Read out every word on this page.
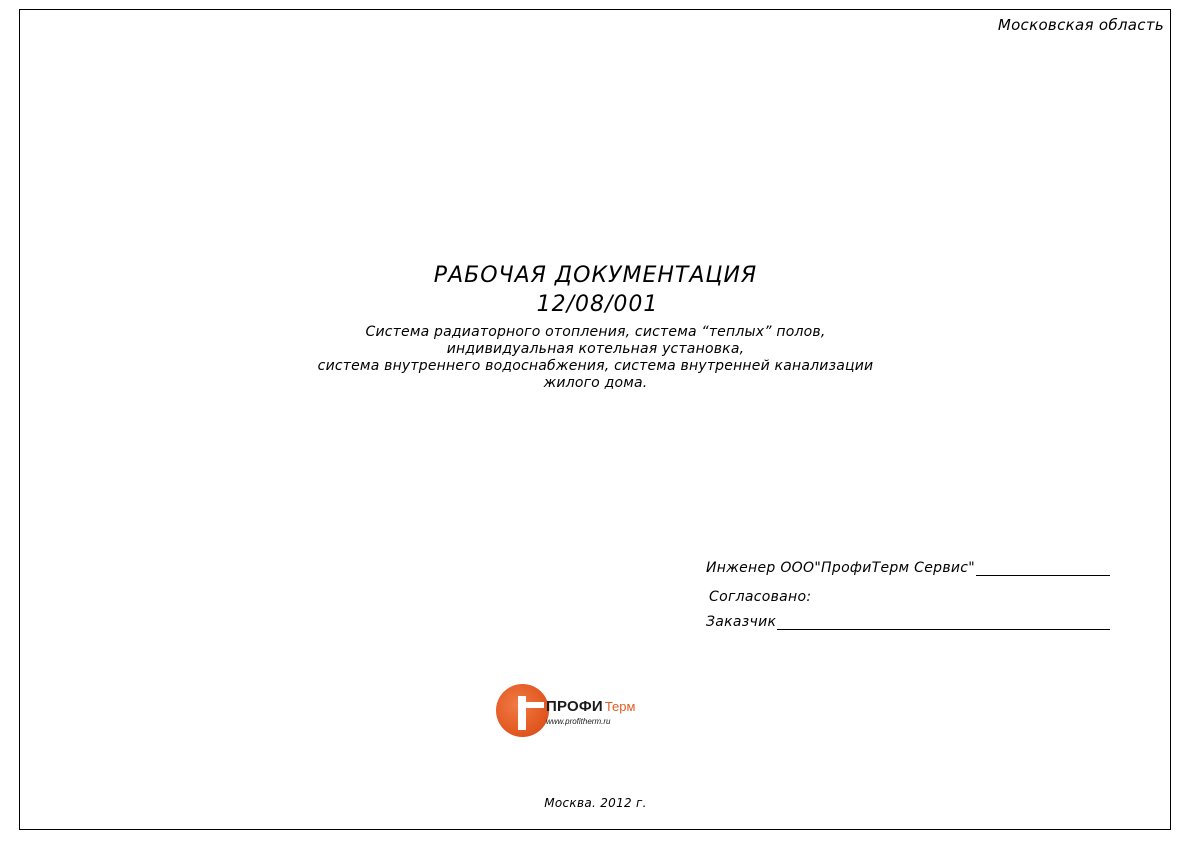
Московская область
РАБОЧАЯ ДОКУМЕНТАЦИЯ
12/08/001
Система радиаторного отопления, система “теплых” полов,
индивидуальная котельная установка,
система внутреннего водоснабжения, система внутренней канализации
жилого дома.
Инженер ООО"ПрофиТерм Сервис"
Согласовано:
Заказчик
ПРОФИ Терм
www.profitherm.ru
Москва. 2012 г.
